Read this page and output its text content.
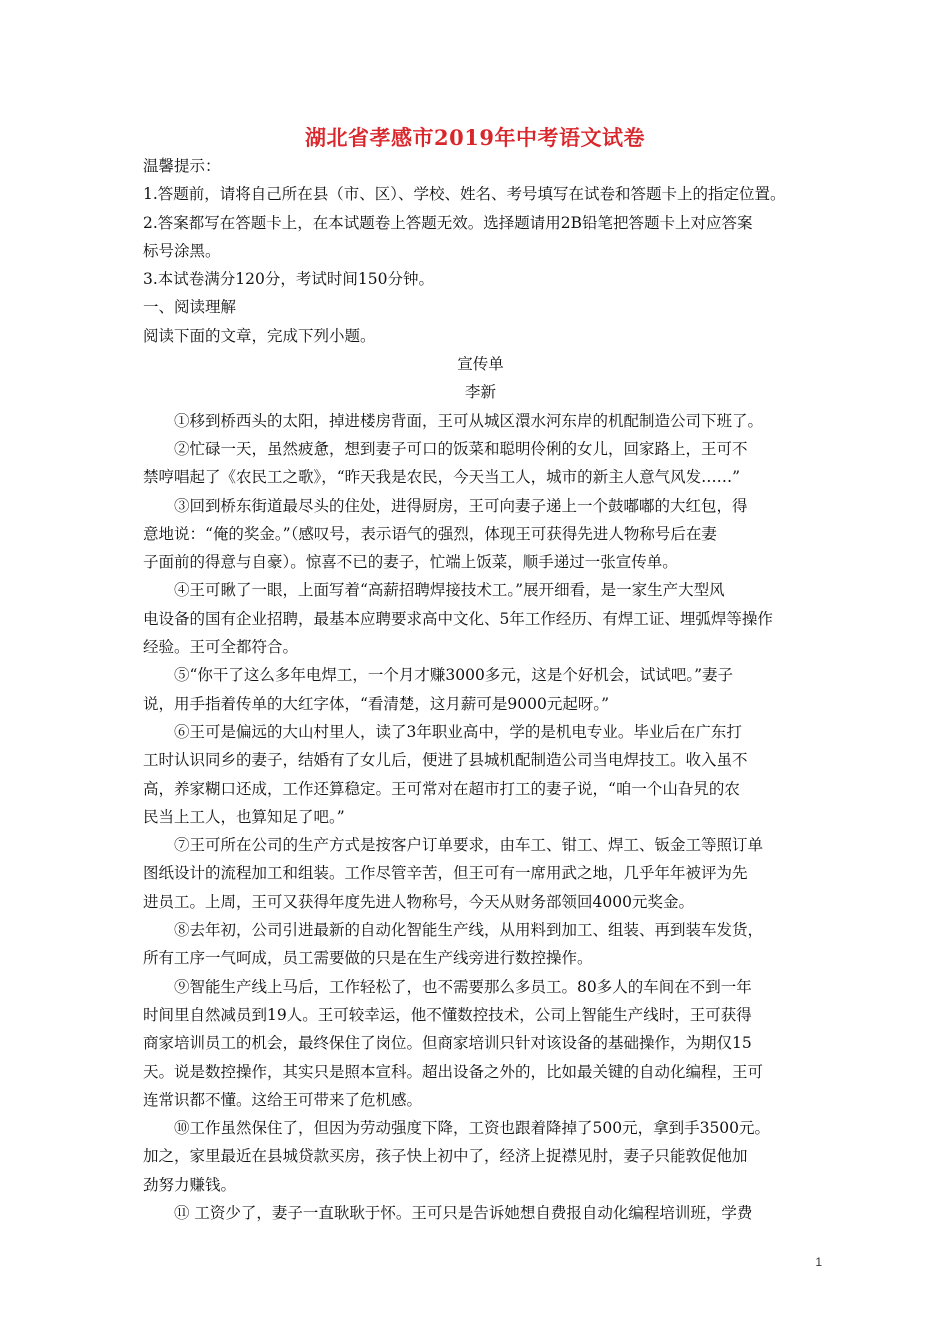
湖北省孝感市2019年中考语文试卷
温馨提示：
1.答题前，请将自己所在县（市、区）、学校、姓名、考号填写在试卷和答题卡上的指定位置。
2.答案都写在答题卡上，在本试题卷上答题无效。选择题请用2B铅笔把答题卡上对应答案
标号涂黑。
3.本试卷满分120分，考试时间150分钟。
一、阅读理解
阅读下面的文章，完成下列小题。
宣传单
李新
①移到桥西头的太阳，掉进楼房背面，王可从城区澴水河东岸的机配制造公司下班了。
②忙碌一天，虽然疲惫，想到妻子可口的饭菜和聪明伶俐的女儿，回家路上，王可不
禁哼唱起了《农民工之歌》，“昨天我是农民，今天当工人，城市的新主人意气风发……”
③回到桥东街道最尽头的住处，进得厨房，王可向妻子递上一个鼓嘟嘟的大红包，得
意地说：“俺的奖金。”（感叹号，表示语气的强烈，体现王可获得先进人物称号后在妻
子面前的得意与自豪）。惊喜不已的妻子，忙端上饭菜，顺手递过一张宣传单。
④王可瞅了一眼，上面写着“高薪招聘焊接技术工。”展开细看，是一家生产大型风
电设备的国有企业招聘，最基本应聘要求高中文化、5年工作经历、有焊工证、埋弧焊等操作
经验。王可全都符合。
⑤“你干了这么多年电焊工，一个月才赚3000多元，这是个好机会，试试吧。”妻子
说，用手指着传单的大红字体，“看清楚，这月薪可是9000元起呀。”
⑥王可是偏远的大山村里人，读了3年职业高中，学的是机电专业。毕业后在广东打
工时认识同乡的妻子，结婚有了女儿后，便进了县城机配制造公司当电焊技工。收入虽不
高，养家糊口还成，工作还算稳定。王可常对在超市打工的妻子说，“咱一个山旮旯的农
民当上工人，也算知足了吧。”
⑦王可所在公司的生产方式是按客户订单要求，由车工、钳工、焊工、钣金工等照订单
图纸设计的流程加工和组装。工作尽管辛苦，但王可有一席用武之地，几乎年年被评为先
进员工。上周，王可又获得年度先进人物称号，今天从财务部领回4000元奖金。
⑧去年初，公司引进最新的自动化智能生产线，从用料到加工、组装、再到装车发货，
所有工序一气呵成，员工需要做的只是在生产线旁进行数控操作。
⑨智能生产线上马后，工作轻松了，也不需要那么多员工。80多人的车间在不到一年
时间里自然减员到19人。王可较幸运，他不懂数控技术，公司上智能生产线时，王可获得
商家培训员工的机会，最终保住了岗位。但商家培训只针对该设备的基础操作，为期仅15
天。说是数控操作，其实只是照本宣科。超出设备之外的，比如最关键的自动化编程，王可
连常识都不懂。这给王可带来了危机感。
⑩工作虽然保住了，但因为劳动强度下降，工资也跟着降掉了500元，拿到手3500元。
加之，家里最近在县城贷款买房，孩子快上初中了，经济上捉襟见肘，妻子只能敦促他加
劲努力赚钱。
⑪ 工资少了，妻子一直耿耿于怀。王可只是告诉她想自费报自动化编程培训班，学费
1
